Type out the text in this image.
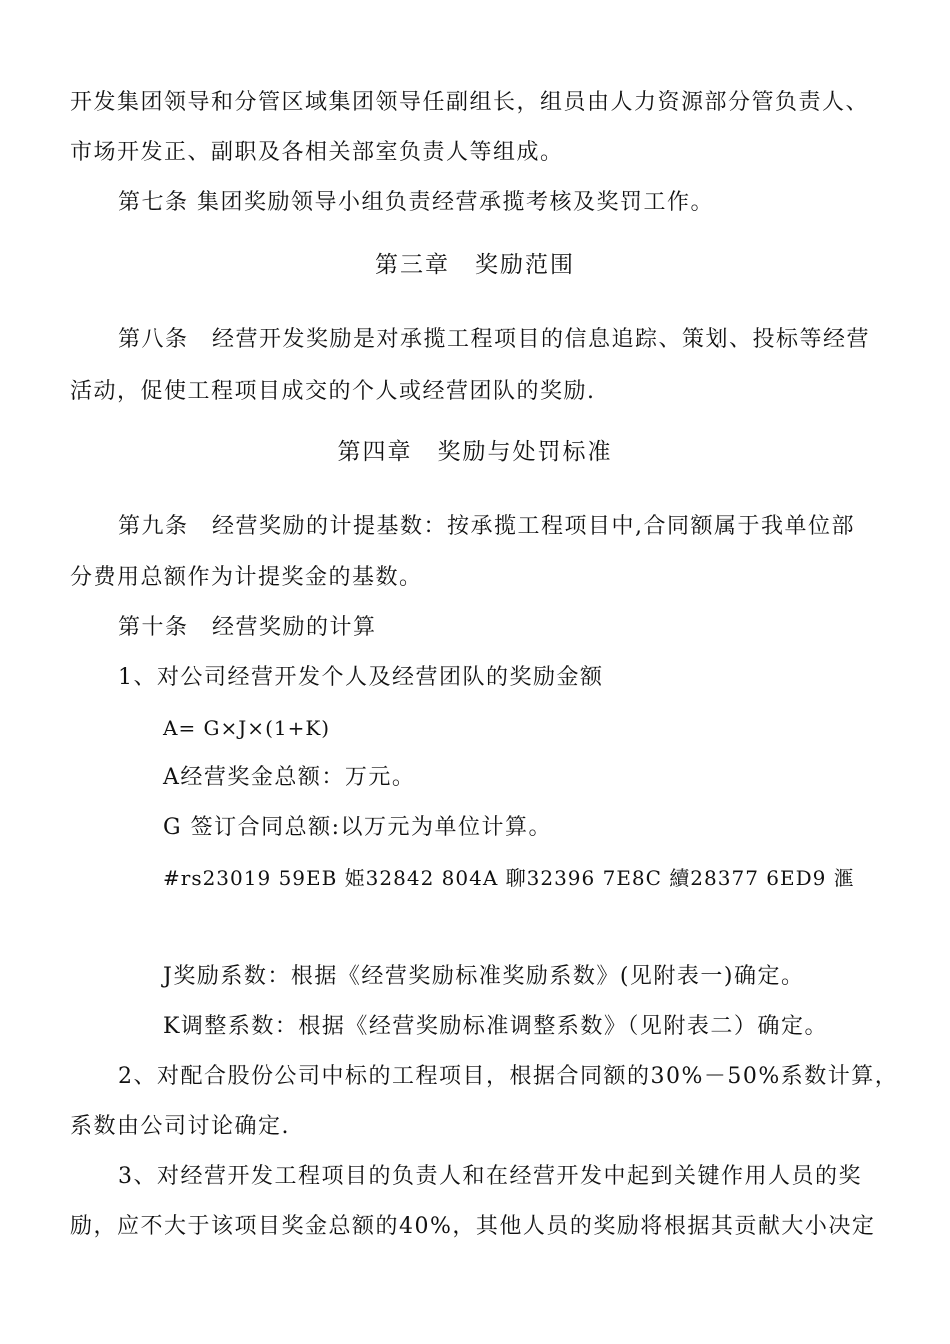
开发集团领导和分管区域集团领导任副组长，组员由人力资源部分管负责人、
市场开发正、副职及各相关部室负责人等组成。
第七条 集团奖励领导小组负责经营承揽考核及奖罚工作。
第三章　奖励范围
第八条　经营开发奖励是对承揽工程项目的信息追踪、策划、投标等经营
活动，促使工程项目成交的个人或经营团队的奖励.
第四章　奖励与处罚标准
第九条　经营奖励的计提基数：按承揽工程项目中,合同额属于我单位部
分费用总额作为计提奖金的基数。
第十条　经营奖励的计算
1、对公司经营开发个人及经营团队的奖励金额
A= G×J×(1+K)
A经营奖金总额：万元。
G 签订合同总额:以万元为单位计算。
#rs23019 59EB 姫32842 804A 聊32396 7E8C 續28377 6ED9 滙
J奖励系数：根据《经营奖励标准奖励系数》(见附表一)确定。
K调整系数：根据《经营奖励标准调整系数》（见附表二）确定。
2、对配合股份公司中标的工程项目，根据合同额的30%－50%系数计算，
系数由公司讨论确定.
3、对经营开发工程项目的负责人和在经营开发中起到关键作用人员的奖
励，应不大于该项目奖金总额的40%，其他人员的奖励将根据其贡献大小决定
